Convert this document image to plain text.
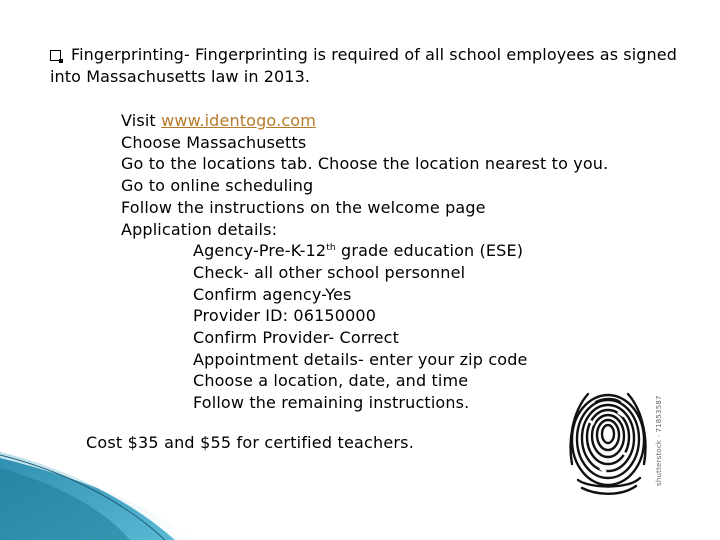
Fingerprinting- Fingerprinting is required of all school employees as signed into Massachusetts law in 2013.
Visit www.identogo.com
Choose Massachusetts
Go to the locations tab. Choose the location nearest to you.
Go to online scheduling
Follow the instructions on the welcome page
Application details:
Agency-Pre-K-12th grade education (ESE)
Check- all other school personnel
Confirm agency-Yes
Provider ID: 06150000
Confirm Provider- Correct
Appointment details- enter your zip code
Choose a location, date, and time
Follow the remaining instructions.
Cost $35 and $55 for certified teachers.	shutterstock · 71853587
